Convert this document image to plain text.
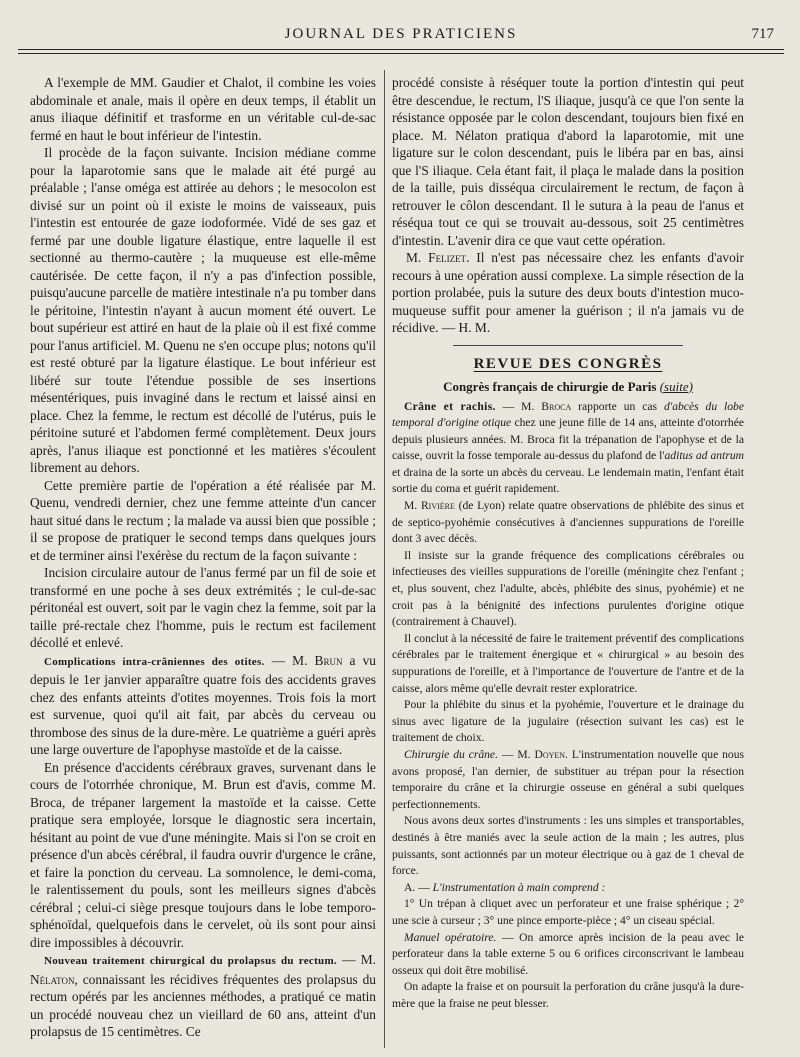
JOURNAL DES PRATICIENS	717

A l'exemple de MM. Gaudier et Chalot, il combine les voies abdominale et anale, mais il opère en deux temps, il établit un anus iliaque définitif et trasforme en un véritable cul-de-sac fermé en haut le bout inférieur de l'intestin.

Il procède de la façon suivante. Incision médiane comme pour la laparotomie sans que le malade ait été purgé au préalable ; l'anse oméga est attirée au dehors ; le mesocolon est divisé sur un point où il existe le moins de vaisseaux, puis l'intestin est entourée de gaze iodoformée. Vidé de ses gaz et fermé par une double ligature élastique, entre laquelle il est sectionné au thermo-cautère ; la muqueuse est elle-même cautérisée. De cette façon, il n'y a pas d'infection possible, puisqu'aucune parcelle de matière intestinale n'a pu tomber dans le péritoine, l'intestin n'ayant à aucun moment été ouvert. Le bout supérieur est attiré en haut de la plaie où il est fixé comme pour l'anus artificiel. M. Quenu ne s'en occupe plus; notons qu'il est resté obturé par la ligature élastique. Le bout inférieur est libéré sur toute l'étendue possible de ses insertions mésentériques, puis invaginé dans le rectum et laissé ainsi en place. Chez la femme, le rectum est décollé de l'utérus, puis le péritoine suturé et l'abdomen fermé complètement. Deux jours après, l'anus iliaque est ponctionné et les matières s'écoulent librement au dehors.

Cette première partie de l'opération a été réalisée par M. Quenu, vendredi dernier, chez une femme atteinte d'un cancer haut situé dans le rectum ; la malade va aussi bien que possible ; il se propose de pratiquer le second temps dans quelques jours et de terminer ainsi l'exérèse du rectum de la façon suivante :

Incision circulaire autour de l'anus fermé par un fil de soie et transformé en une poche à ses deux extrémités ; le cul-de-sac péritonéal est ouvert, soit par le vagin chez la femme, soit par la taille pré-rectale chez l'homme, puis le rectum est facilement décollé et enlevé.

Complications intra-crâniennes des otites. — M. Brun a vu depuis le 1er janvier apparaître quatre fois des accidents graves chez des enfants atteints d'otites moyennes. Trois fois la mort est survenue, quoi qu'il ait fait, par abcès du cerveau ou thrombose des sinus de la dure-mère. Le quatrième a guéri après une large ouverture de l'apophyse mastoïde et de la caisse.

En présence d'accidents cérébraux graves, survenant dans le cours de l'otorrhée chronique, M. Brun est d'avis, comme M. Broca, de trépaner largement la mastoïde et la caisse. Cette pratique sera employée, lorsque le diagnostic sera incertain, hésitant au point de vue d'une méningite. Mais si l'on se croit en présence d'un abcès cérébral, il faudra ouvrir d'urgence le crâne, et faire la ponction du cerveau. La somnolence, le demi-coma, le ralentissement du pouls, sont les meilleurs signes d'abcès cérébral ; celui-ci siège presque toujours dans le lobe temporo-sphénoïdal, quelquefois dans le cervelet, où ils sont pour ainsi dire impossibles à découvrir.

Nouveau traitement chirurgical du prolapsus du rectum. — M. Nélaton, connaissant les récidives fréquentes des prolapsus du rectum opérés par les anciennes méthodes, a pratiqué ce matin un procédé nouveau chez un vieillard de 60 ans, atteint d'un prolapsus de 15 centimètres. Ce

procédé consiste à réséquer toute la portion d'intestin qui peut être descendue, le rectum, l'S iliaque, jusqu'à ce que l'on sente la résistance opposée par le colon descendant, toujours bien fixé en place. M. Nélaton pratiqua d'abord la laparotomie, mit une ligature sur le colon descendant, puis le libéra par en bas, ainsi que l'S iliaque. Cela étant fait, il plaça le malade dans la position de la taille, puis disséqua circulairement le rectum, de façon à retrouver le côlon descendant. Il le sutura à la peau de l'anus et réséqua tout ce qui se trouvait au-dessous, soit 25 centimètres d'intestin. L'avenir dira ce que vaut cette opération.

M. Felizet. Il n'est pas nécessaire chez les enfants d'avoir recours à une opération aussi complexe. La simple résection de la portion prolabée, puis la suture des deux bouts d'intestion muco-muqueuse suffit pour amener la guérison ; il n'a jamais vu de récidive. — H. M.

REVUE DES CONGRÈS
Congrès français de chirurgie de Paris (suite)

Crâne et rachis. — M. Broca rapporte un cas d'abcès du lobe temporal d'origine otique chez une jeune fille de 14 ans, atteinte d'otorrhée depuis plusieurs années. M. Broca fit la trépanation de l'apophyse et de la caisse, ouvrit la fosse temporale au-dessus du plafond de l'aditus ad antrum et draina de la sorte un abcès du cerveau. Le lendemain matin, l'enfant était sortie du coma et guérit rapidement.

M. Rivière (de Lyon) relate quatre observations de phlébite des sinus et de septico-pyohémie consécutives à d'anciennes suppurations de l'oreille dont 3 avec décès.

Il insiste sur la grande fréquence des complications cérébrales ou infectieuses des vieilles suppurations de l'oreille (méningite chez l'enfant ; et, plus souvent, chez l'adulte, abcès, phlébite des sinus, pyohémie) et ne croit pas à la bénignité des infections purulentes d'origine otique (contrairement à Chauvel).

Il conclut à la nécessité de faire le traitement préventif des complications cérébrales par le traitement énergique et « chirurgical » au besoin des suppurations de l'oreille, et à l'importance de l'ouverture de l'antre et de la caisse, alors même qu'elle devrait rester exploratrice.

Pour la phlébite du sinus et la pyohémie, l'ouverture et le drainage du sinus avec ligature de la jugulaire (résection suivant les cas) est le traitement de choix.

Chirurgie du crâne. — M. Doyen. L'instrumentation nouvelle que nous avons proposé, l'an dernier, de substituer au trépan pour la résection temporaire du crâne et la chirurgie osseuse en général a subi quelques perfectionnements.

Nous avons deux sortes d'instruments : les uns simples et transportables, destinés à être maniés avec la seule action de la main ; les autres, plus puissants, sont actionnés par un moteur électrique ou à gaz de 1 cheval de force.

A. — L'instrumentation à main comprend :

1° Un trépan à cliquet avec un perforateur et une fraise sphérique ; 2° une scie à curseur ; 3° une pince emporte-pièce ; 4° un ciseau spécial.

Manuel opératoire. — On amorce après incision de la peau avec le perforateur dans la table externe 5 ou 6 orifices circonscrivant le lambeau osseux qui doit être mobilisé.

On adapte la fraise et on poursuit la perforation du crâne jusqu'à la dure-mère que la fraise ne peut blesser.
